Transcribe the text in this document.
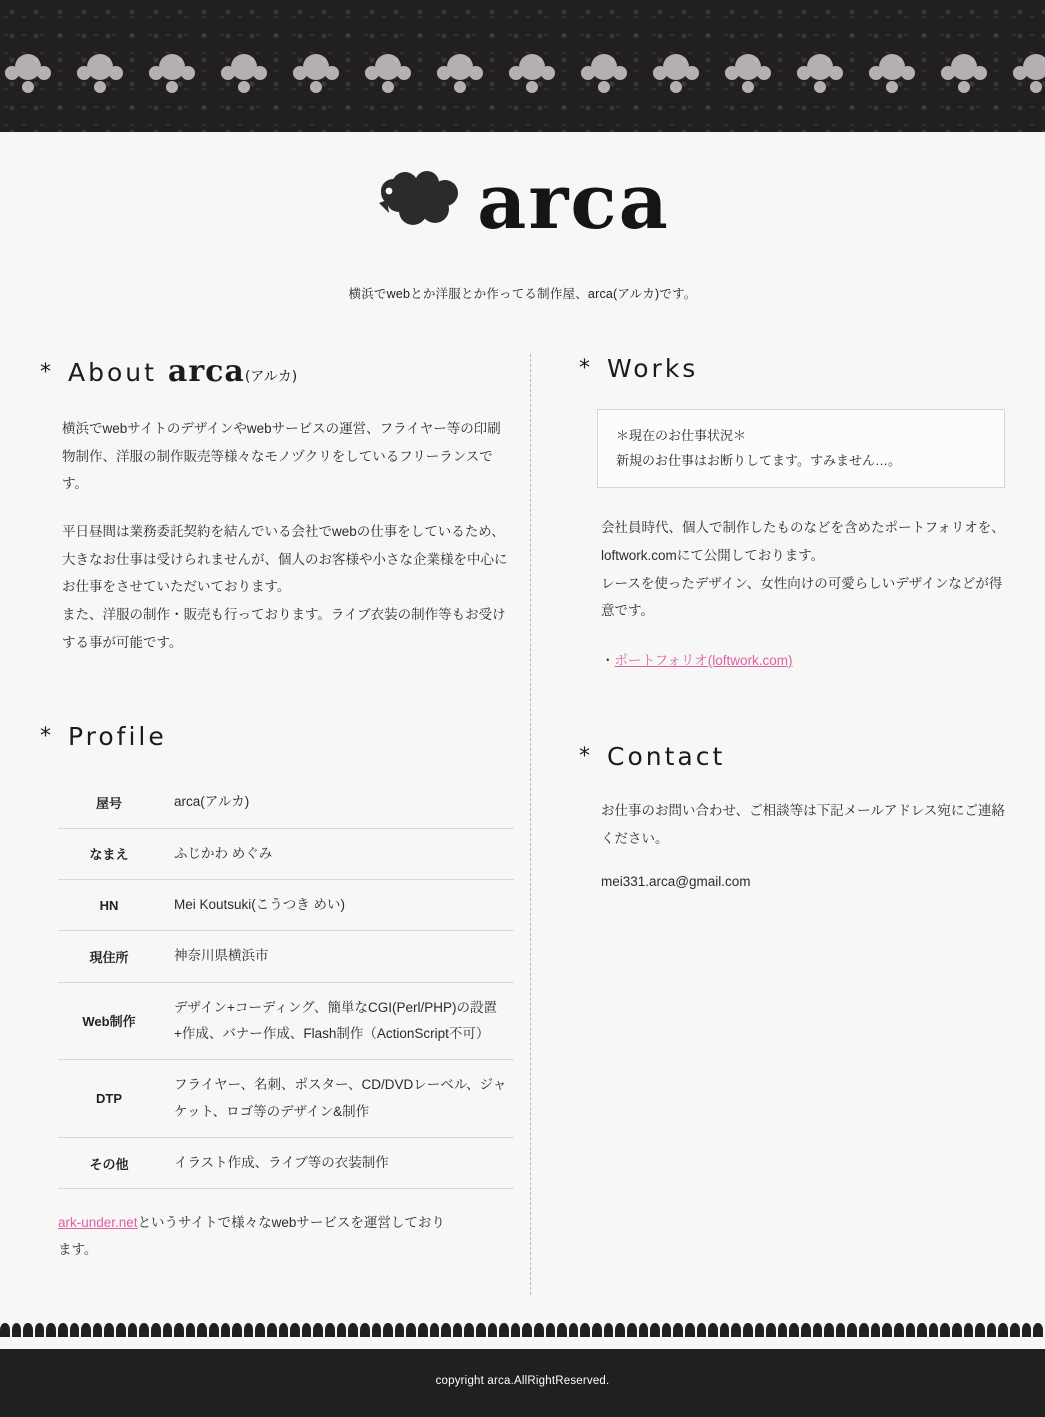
arca

横浜でwebとか洋服とか作ってる制作屋、arca(アルカ)です。

* About arca(アルカ)

横浜でwebサイトのデザインやwebサービスの運営、フライヤー等の印刷物制作、洋服の制作販売等様々なモノヅクリをしているフリーランスです。

平日昼間は業務委託契約を結んでいる会社でwebの仕事をしているため、大きなお仕事は受けられませんが、個人のお客様や小さな企業様を中心にお仕事をさせていただいております。

また、洋服の制作・販売も行っております。ライブ衣装の制作等もお受けする事が可能です。

* Profile
屋号	arca(アルカ)
なまえ	ふじかわ めぐみ
HN	Mei Koutsuki(こうつき めい)
現住所	神奈川県横浜市
Web制作	デザイン+コーディング、簡単なCGI(Perl/PHP)の設置+作成、バナー作成、Flash制作（ActionScript不可）
DTP	フライヤー、名刺、ポスター、CD/DVDレーベル、ジャケット、ロゴ等のデザイン&制作
その他	イラスト作成、ライブ等の衣装制作

ark-under.netというサイトで様々なwebサービスを運営しております。

* Works
＊現在のお仕事状況＊
新規のお仕事はお断りしてます。すみません…。

会社員時代、個人で制作したものなどを含めたポートフォリオを、loftwork.comにて公開しております。

レースを使ったデザイン、女性向けの可愛らしいデザインなどが得意です。

・ポートフォリオ(loftwork.com)

* Contact

お仕事のお問い合わせ、ご相談等は下記メールアドレス宛にご連絡ください。

mei331.arca@gmail.com

copyright arca.AllRightReserved.
